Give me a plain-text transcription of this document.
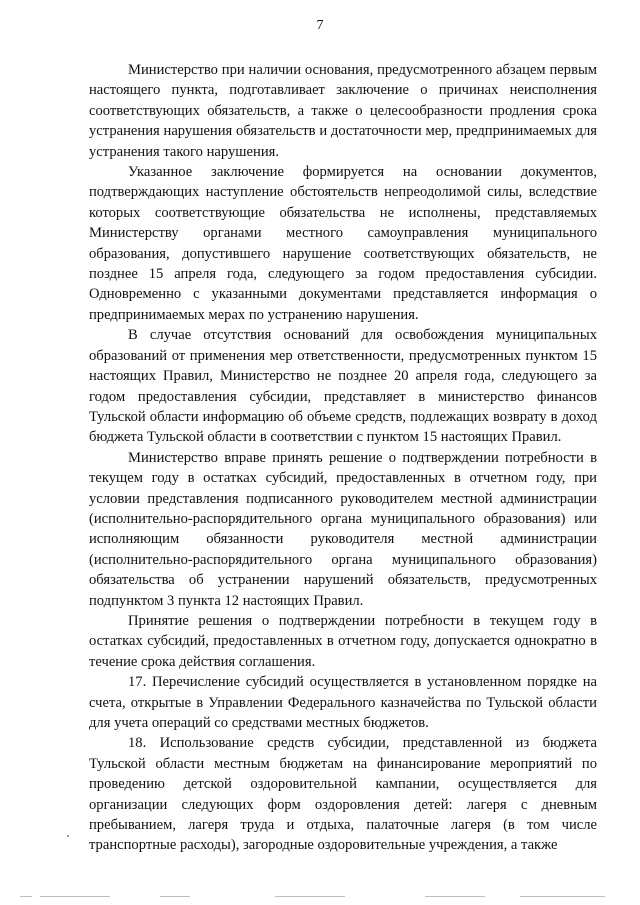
7

Министерство при наличии основания, предусмотренного абзацем первым настоящего пункта, подготавливает заключение о причинах неисполнения соответствующих обязательств, а также о целесообразности продления срока устранения нарушения обязательств и достаточности мер, предпринимаемых для устранения такого нарушения.

Указанное заключение формируется на основании документов, подтверждающих наступление обстоятельств непреодолимой силы, вследствие которых соответствующие обязательства не исполнены, представляемых Министерству органами местного самоуправления муниципального образования, допустившего нарушение соответствующих обязательств, не позднее 15 апреля года, следующего за годом предоставления субсидии. Одновременно с указанными документами представляется информация о предпринимаемых мерах по устранению нарушения.

В случае отсутствия оснований для освобождения муниципальных образований от применения мер ответственности, предусмотренных пунктом 15 настоящих Правил, Министерство не позднее 20 апреля года, следующего за годом предоставления субсидии, представляет в министерство финансов Тульской области информацию об объеме средств, подлежащих возврату в доход бюджета Тульской области в соответствии с пунктом 15 настоящих Правил.

Министерство вправе принять решение о подтверждении потребности в текущем году в остатках субсидий, предоставленных в отчетном году, при условии представления подписанного руководителем местной администрации (исполнительно-распорядительного органа муниципального образования) или исполняющим обязанности руководителя местной администрации (исполнительно-распорядительного органа муниципального образования) обязательства об устранении нарушений обязательств, предусмотренных подпунктом 3 пункта 12 настоящих Правил.

Принятие решения о подтверждении потребности в текущем году в остатках субсидий, предоставленных в отчетном году, допускается однократно в течение срока действия соглашения.

17. Перечисление субсидий осуществляется в установленном порядке на счета, открытые в Управлении Федерального казначейства по Тульской области для учета операций со средствами местных бюджетов.

18. Использование средств субсидии, представленной из бюджета Тульской области местным бюджетам на финансирование мероприятий по проведению детской оздоровительной кампании, осуществляется для организации следующих форм оздоровления детей: лагеря с дневным пребыванием, лагеря труда и отдыха, палаточные лагеря (в том числе транспортные расходы), загородные оздоровительные учреждения, а также
